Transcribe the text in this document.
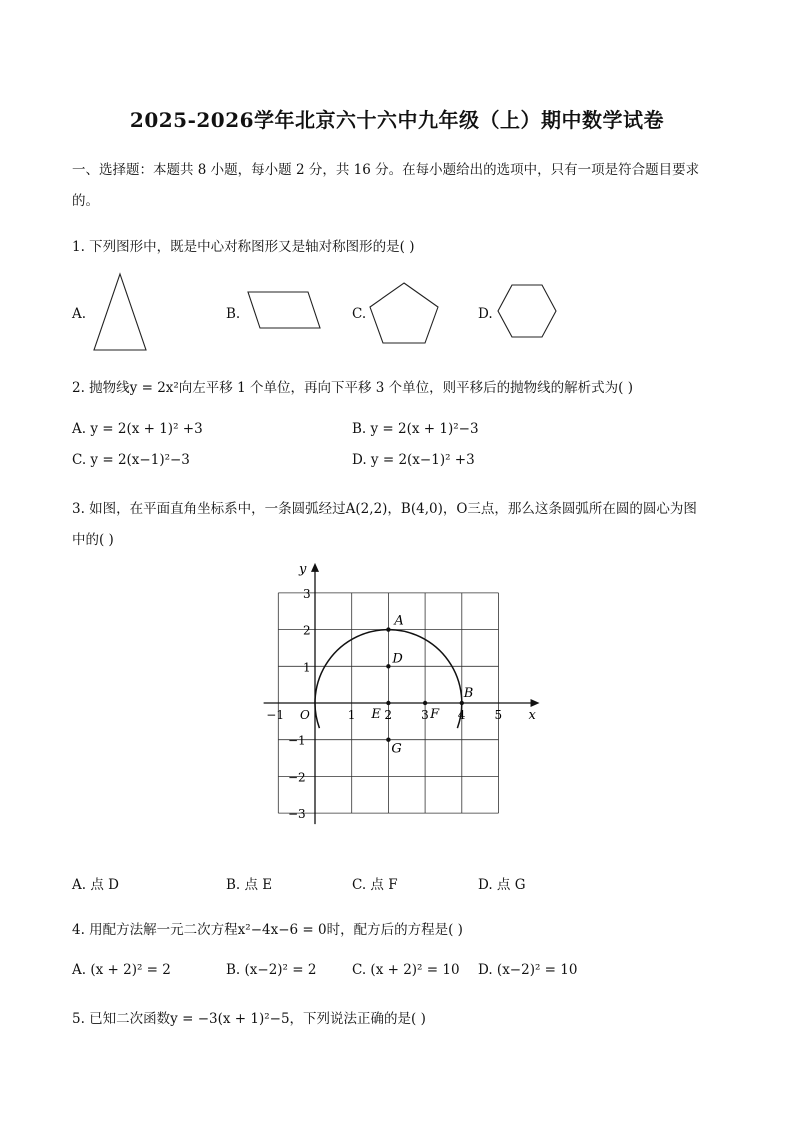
2025-2026学年北京六十六中九年级（上）期中数学试卷
一、选择题：本题共 8 小题，每小题 2 分，共 16 分。在每小题给出的选项中，只有一项是符合题目要求
的。
1. 下列图形中，既是中心对称图形又是轴对称图形的是( )
A.	B.	C.	D.
2. 抛物线y = 2x²向左平移 1 个单位，再向下平移 3 个单位，则平移后的抛物线的解析式为( )
A. y = 2(x + 1)² +3	B. y = 2(x + 1)²−3
C. y = 2(x−1)²−3	D. y = 2(x−1)² +3
3. 如图，在平面直角坐标系中，一条圆弧经过A(2,2)，B(4,0)，O三点，那么这条圆弧所在圆的圆心为图
中的( )
x
y
−1	1 2 3 4 5
3
2
1
−1
−2
−3
O
A
B
D
E	F
G
A. 点 D	B. 点 E	C. 点 F	D. 点 G
4. 用配方法解一元二次方程x²−4x−6 = 0时，配方后的方程是( )
A. (x + 2)² = 2	B. (x−2)² = 2	C. (x + 2)² = 10 D. (x−2)² = 10
5. 已知二次函数y = −3(x + 1)²−5，下列说法正确的是( )
